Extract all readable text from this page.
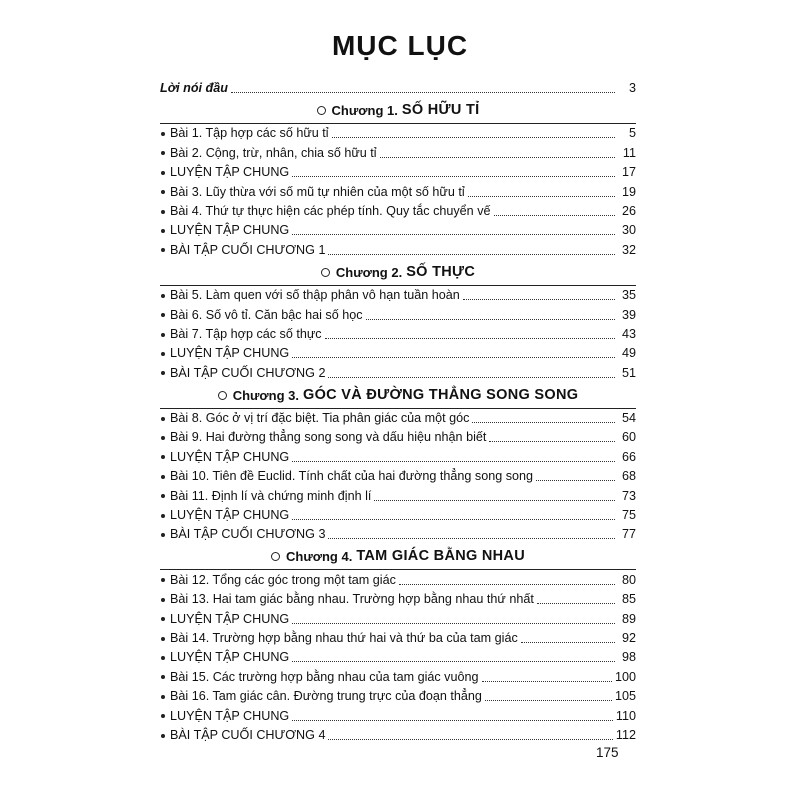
MỤC LỤC
Lời nói đầu	3
Chương 1. SỐ HỮU TỈ
Bài 1. Tập hợp các số hữu tỉ	5
Bài 2. Cộng, trừ, nhân, chia số hữu tỉ	11
LUYỆN TẬP CHUNG	17
Bài 3. Lũy thừa với số mũ tự nhiên của một số hữu tỉ	19
Bài 4. Thứ tự thực hiện các phép tính. Quy tắc chuyển vế	26
LUYỆN TẬP CHUNG	30
BÀI TẬP CUỐI CHƯƠNG 1	32
Chương 2. SỐ THỰC
Bài 5. Làm quen với số thập phân vô hạn tuần hoàn	35
Bài 6. Số vô tỉ. Căn bậc hai số học	39
Bài 7. Tập hợp các số thực	43
LUYỆN TẬP CHUNG	49
BÀI TẬP CUỐI CHƯƠNG 2	51
Chương 3. GÓC VÀ ĐƯỜNG THẲNG SONG SONG
Bài 8. Góc ở vị trí đặc biệt. Tia phân giác của một góc	54
Bài 9. Hai đường thẳng song song và dấu hiệu nhận biết	60
LUYỆN TẬP CHUNG	66
Bài 10. Tiên đề Euclid. Tính chất của hai đường thẳng song song	68
Bài 11. Định lí và chứng minh định lí	73
LUYỆN TẬP CHUNG	75
BÀI TẬP CUỐI CHƯƠNG 3	77
Chương 4. TAM GIÁC BẰNG NHAU
Bài 12. Tổng các góc trong một tam giác	80
Bài 13. Hai tam giác bằng nhau. Trường hợp bằng nhau thứ nhất	85
LUYỆN TẬP CHUNG	89
Bài 14. Trường hợp bằng nhau thứ hai và thứ ba của tam giác	92
LUYỆN TẬP CHUNG	98
Bài 15. Các trường hợp bằng nhau của tam giác vuông	100
Bài 16. Tam giác cân. Đường trung trực của đoạn thẳng	105
LUYỆN TẬP CHUNG	110
BÀI TẬP CUỐI CHƯƠNG 4	112
175
